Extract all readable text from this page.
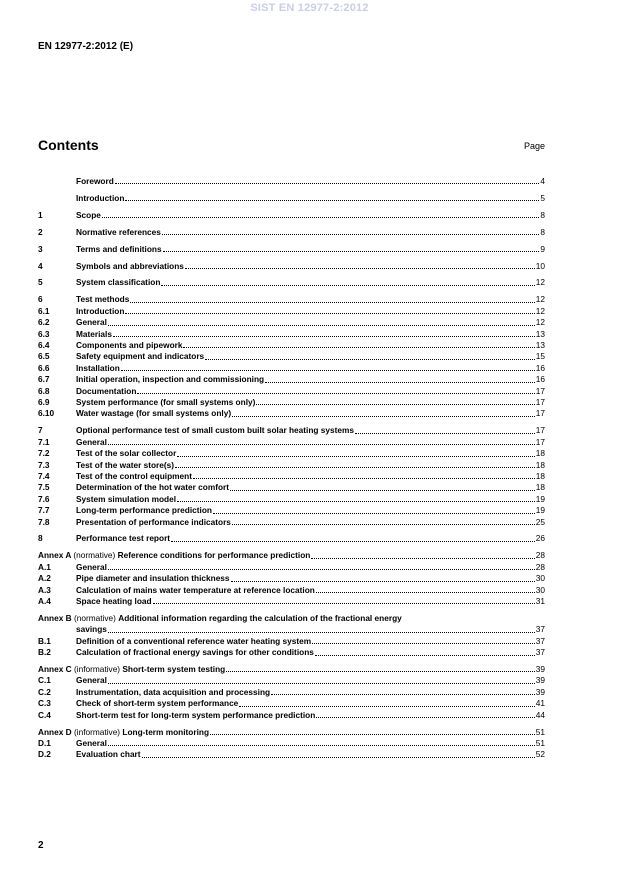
SIST EN 12977-2:2012
EN 12977-2:2012 (E)
Contents	Page
Foreword	4
Introduction	5
1	Scope	8
2	Normative references	8
3	Terms and definitions	9
4	Symbols and abbreviations	10
5	System classification	12
6	Test methods	12
6.1	Introduction	12
6.2	General	12
6.3	Materials	13
6.4	Components and pipework	13
6.5	Safety equipment and indicators	15
6.6	Installation	16
6.7	Initial operation, inspection and commissioning	16
6.8	Documentation	17
6.9	System performance (for small systems only)	17
6.10	Water wastage (for small systems only)	17
7	Optional performance test of small custom built solar heating systems	17
7.1	General	17
7.2	Test of the solar collector	18
7.3	Test of the water store(s)	18
7.4	Test of the control equipment	18
7.5	Determination of the hot water comfort	18
7.6	System simulation model	19
7.7	Long-term performance prediction	19
7.8	Presentation of performance indicators	25
8	Performance test report	26
Annex A (normative) Reference conditions for performance prediction	28
A.1	General	28
A.2	Pipe diameter and insulation thickness	30
A.3	Calculation of mains water temperature at reference location	30
A.4	Space heating load	31
Annex B (normative) Additional information regarding the calculation of the fractional energy
savings	37
B.1	Definition of a conventional reference water heating system	37
B.2	Calculation of fractional energy savings for other conditions	37
Annex C (informative) Short-term system testing	39
C.1	General	39
C.2	Instrumentation, data acquisition and processing	39
C.3	Check of short-term system performance	41
C.4	Short-term test for long-term system performance prediction	44
Annex D (informative) Long-term monitoring	51
D.1	General	51
D.2	Evaluation chart	52
2
